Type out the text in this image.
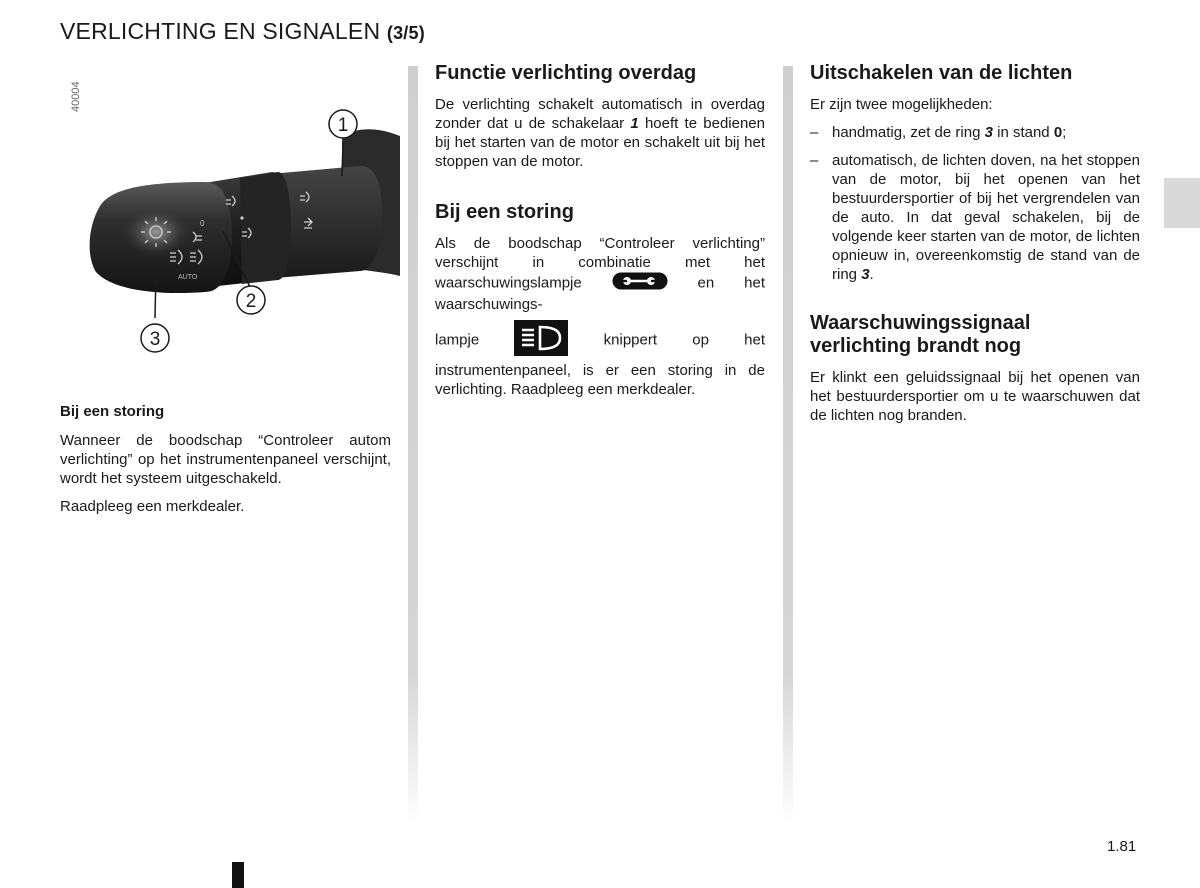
VERLICHTING EN SIGNALEN (3/5)
40004
0
AUTO
1
2
3
Bij een storing

Wanneer de boodschap “Controleer autom verlichting” op het instrumentenpaneel verschijnt, wordt het systeem uitgeschakeld.

Raadpleeg een merkdealer.

Functie verlichting overdag

De verlichting schakelt automatisch in overdag zonder dat u de schakelaar 1 hoeft te bedienen bij het starten van de motor en schakelt uit bij het stoppen van de motor.

Bij een storing

Als de boodschap “Controleer verlichting” verschijnt in combinatie met het waarschuwingslampje	en het waarschuwings-

lampje	knippert op het instrumentenpaneel, is er een storing in de verlichting. Raadpleeg een merkdealer.

Uitschakelen van de lichten

Er zijn twee mogelijkheden:

– handmatig, zet de ring 3 in stand 0;
– automatisch, de lichten doven, na het stoppen van de motor, bij het openen van het bestuurdersportier of bij het vergrendelen van de auto. In dat geval schakelen, bij de volgende keer starten van de motor, de lichten opnieuw in, overeenkomstig de stand van de ring 3.
Waarschuwingssignaal verlichting brandt nog

Er klinkt een geluidssignaal bij het openen van het bestuurdersportier om u te waarschuwen dat de lichten nog branden.

1.81
